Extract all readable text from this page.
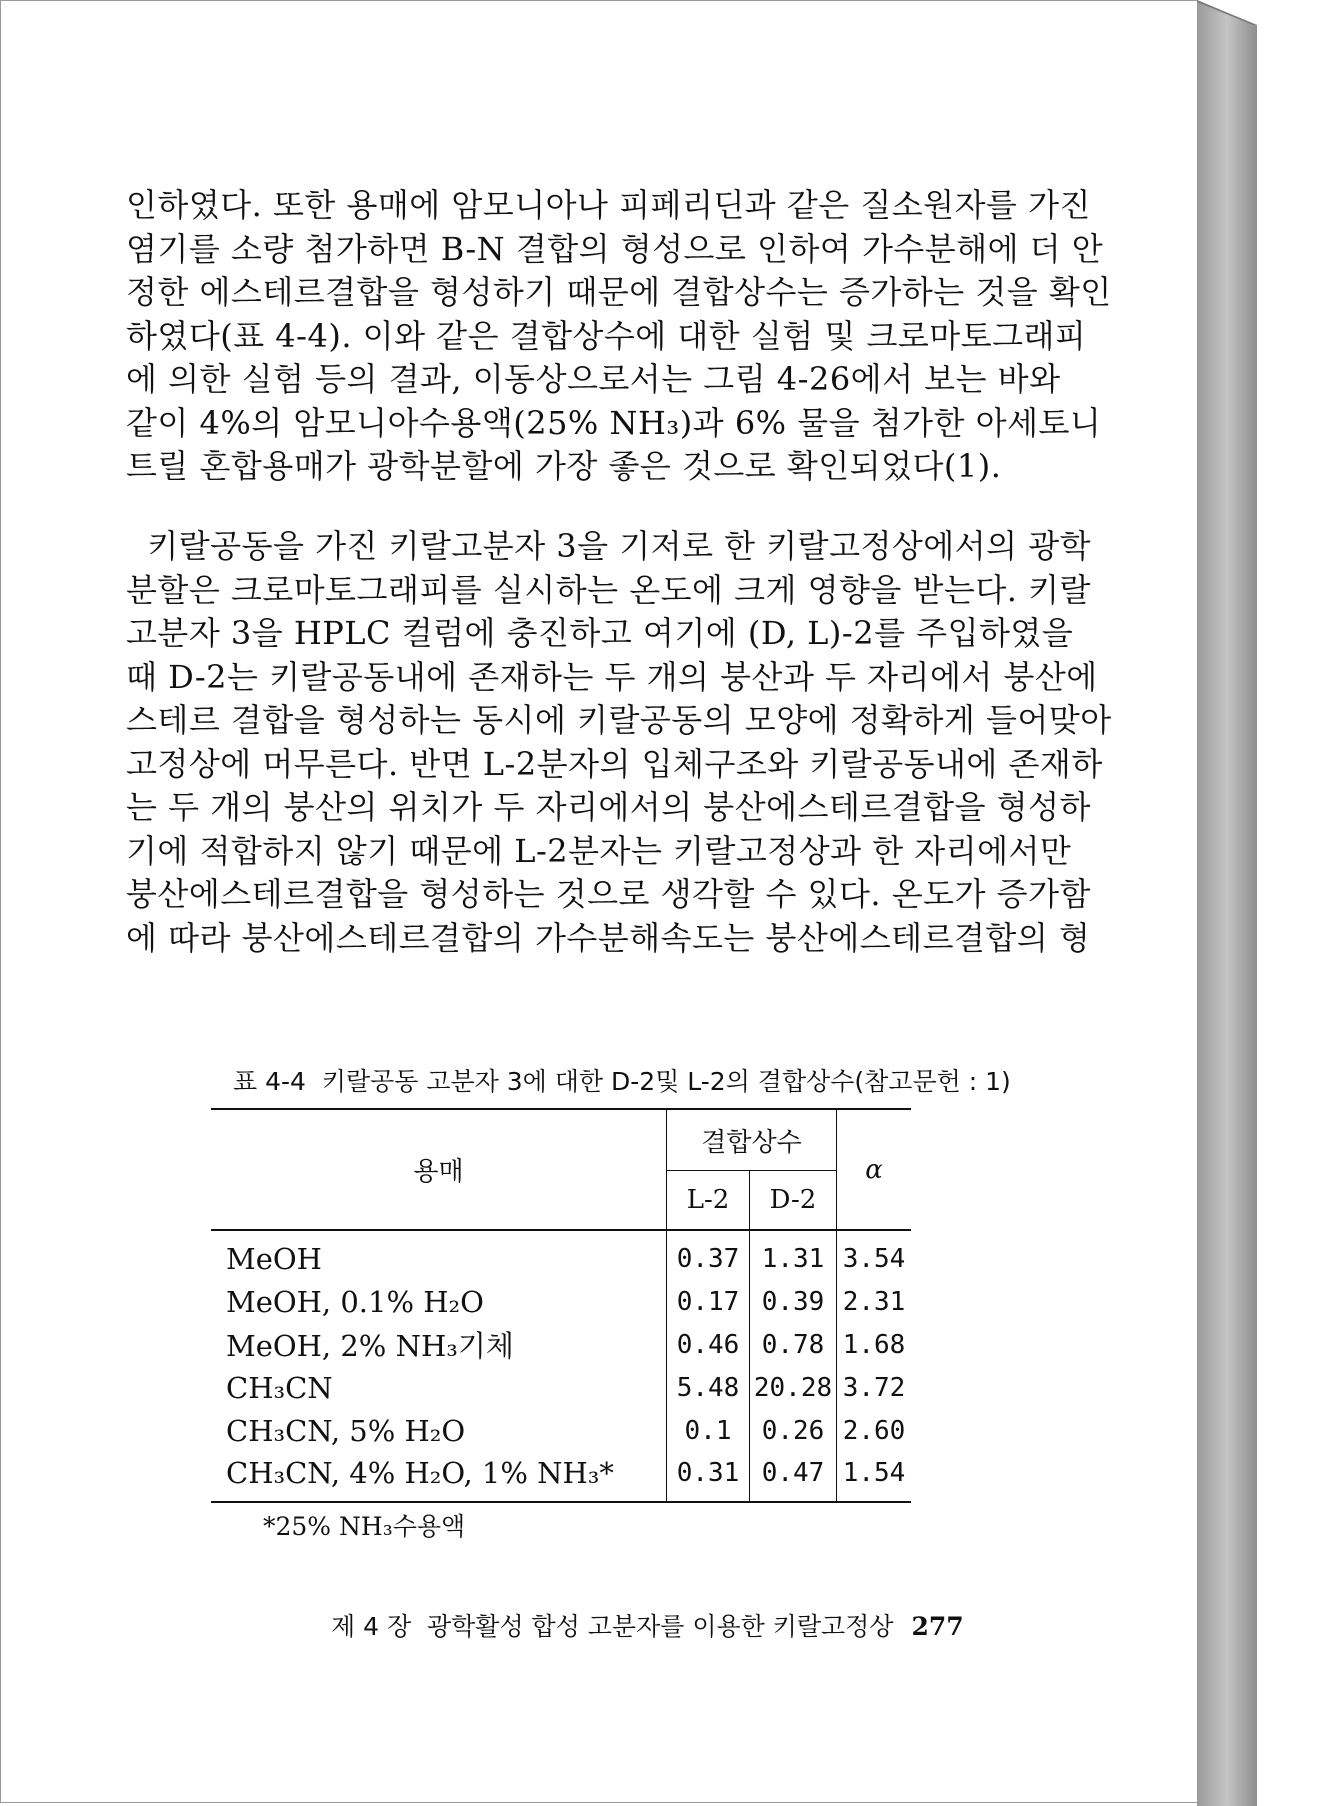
인하였다. 또한 용매에 암모니아나 피페리딘과 같은 질소원자를 가진
염기를 소량 첨가하면 B-N 결합의 형성으로 인하여 가수분해에 더 안
정한 에스테르결합을 형성하기 때문에 결합상수는 증가하는 것을 확인
하였다(표 4-4). 이와 같은 결합상수에 대한 실험 및 크로마토그래피
에 의한 실험 등의 결과, 이동상으로서는 그림 4-26에서 보는 바와
같이 4%의 암모니아수용액(25% NH₃)과 6% 물을 첨가한 아세토니
트릴 혼합용매가 광학분할에 가장 좋은 것으로 확인되었다(1).
키랄공동을 가진 키랄고분자 3을 기저로 한 키랄고정상에서의 광학
분할은 크로마토그래피를 실시하는 온도에 크게 영향을 받는다. 키랄
고분자 3을 HPLC 컬럼에 충진하고 여기에 (D, L)-2를 주입하였을
때 D-2는 키랄공동내에 존재하는 두 개의 붕산과 두 자리에서 붕산에
스테르 결합을 형성하는 동시에 키랄공동의 모양에 정확하게 들어맞아
고정상에 머무른다. 반면 L-2분자의 입체구조와 키랄공동내에 존재하
는 두 개의 붕산의 위치가 두 자리에서의 붕산에스테르결합을 형성하
기에 적합하지 않기 때문에 L-2분자는 키랄고정상과 한 자리에서만
붕산에스테르결합을 형성하는 것으로 생각할 수 있다. 온도가 증가함
에 따라 붕산에스테르결합의 가수분해속도는 붕산에스테르결합의 형
표 4-4  키랄공동 고분자 3에 대한 D-2및 L-2의 결합상수(참고문헌 : 1)
용매	결합상수		α
	L-2	D-2	
MeOH	0.37	1.31	3.54
MeOH, 0.1% H₂O	0.17	0.39	2.31
MeOH, 2% NH₃기체	0.46	0.78	1.68
CH₃CN	5.48	20.28	3.72
CH₃CN, 5% H₂O	0.1	0.26	2.60
CH₃CN, 4% H₂O, 1% NH₃*	0.31	0.47	1.54
*25% NH₃수용액
제 4 장  광학활성 합성 고분자를 이용한 키랄고정상 277
